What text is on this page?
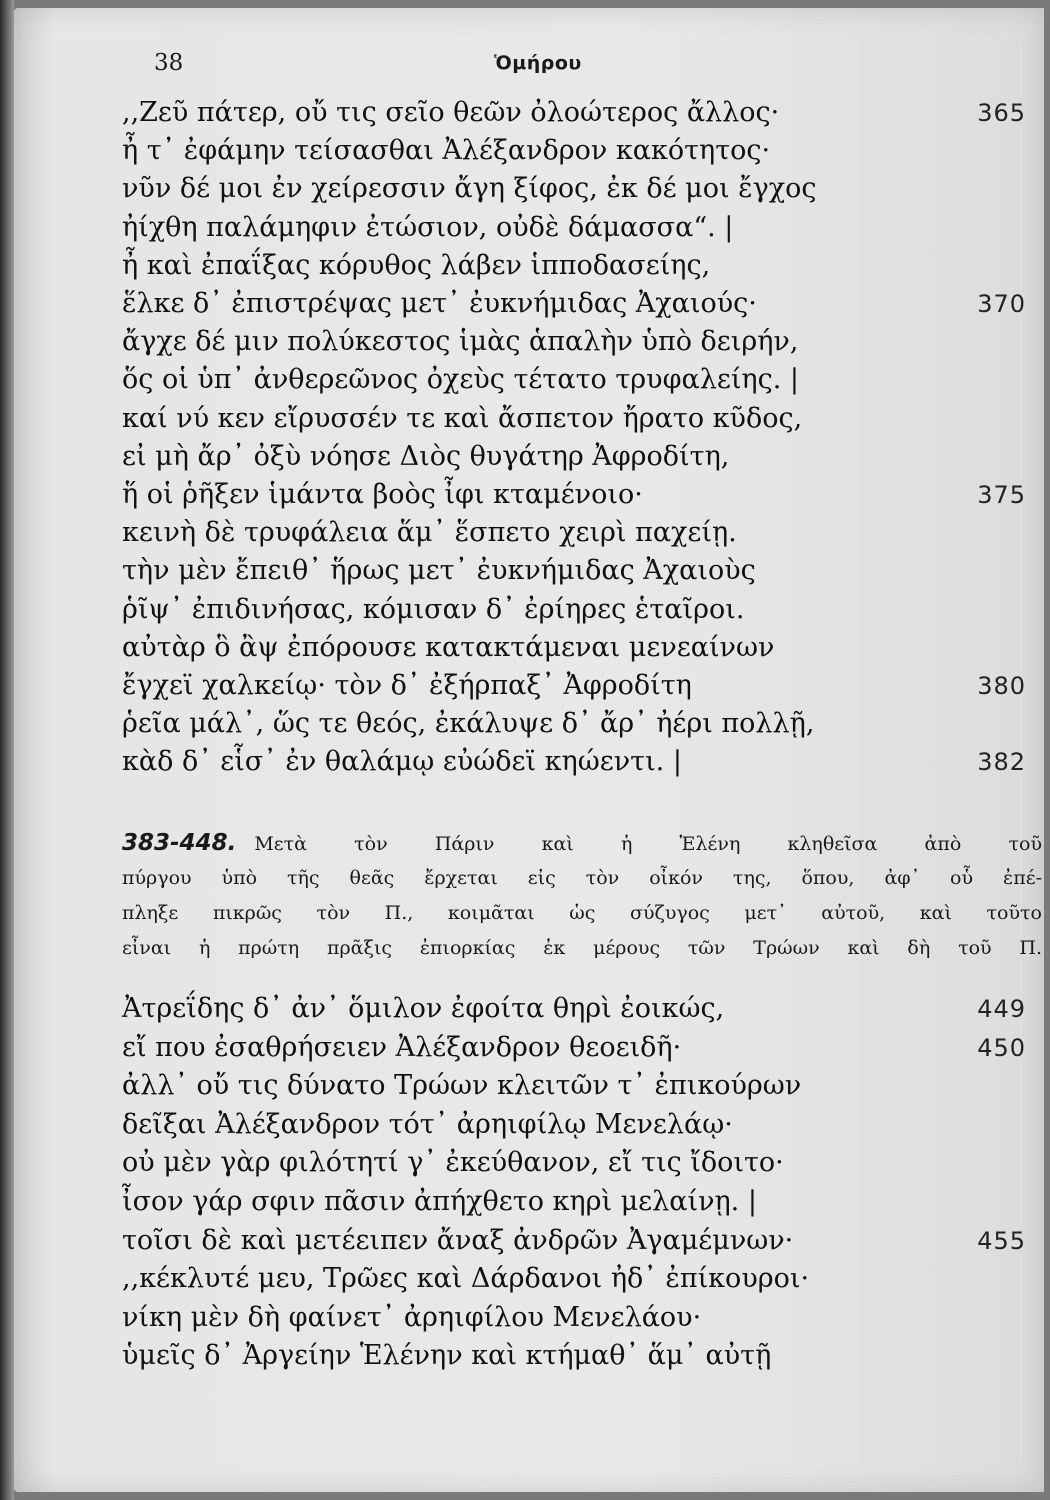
38	Ὁμήρου
,,Ζεῦ πάτερ, οὔ τις σεῖο θεῶν ὀλοώτερος ἄλλος·	365
ἦ τ᾿ ἐφάμην τείσασθαι Ἀλέξανδρον κακότητος·
νῦν δέ μοι ἐν χείρεσσιν ἄγη ξίφος, ἐκ δέ μοι ἔγχος
ἠίχθη παλάμηφιν ἐτώσιον, οὐδὲ δάμασσα“. |
ἦ καὶ ἐπαΐξας κόρυθος λάβεν ἱπποδασείης,
ἕλκε δ᾿ ἐπιστρέψας μετ᾿ ἐυκνήμιδας Ἀχαιούς·	370
ἄγχε δέ μιν πολύκεστος ἱμὰς ἁπαλὴν ὑπὸ δειρήν,
ὅς οἱ ὑπ᾿ ἀνθερεῶνος ὀχεὺς τέτατο τρυφαλείης. |
καί νύ κεν εἴρυσσέν τε καὶ ἄσπετον ἤρατο κῦδος,
εἰ μὴ ἄρ᾿ ὀξὺ νόησε Διὸς θυγάτηρ Ἀφροδίτη,
ἥ οἱ ῥῆξεν ἱμάντα βοὸς ἶφι κταμένοιο·	375
κεινὴ δὲ τρυφάλεια ἅμ᾿ ἕσπετο χειρὶ παχείῃ.
τὴν μὲν ἔπειθ᾿ ἥρως μετ᾿ ἐυκνήμιδας Ἀχαιοὺς
ῥῖψ᾿ ἐπιδινήσας, κόμισαν δ᾿ ἐρίηρες ἑταῖροι.
αὐτὰρ ὃ ἂψ ἐπόρουσε κατακτάμεναι μενεαίνων
ἔγχεϊ χαλκείῳ· τὸν δ᾿ ἐξήρπαξ᾿ Ἀφροδίτη	380
ῥεῖα μάλ᾿, ὥς τε θεός, ἐκάλυψε δ᾿ ἄρ᾿ ἠέρι πολλῇ,
κὰδ δ᾿ εἷσ᾿ ἐν θαλάμῳ εὐώδεϊ κηώεντι. |	382
383-448. Μετὰ τὸν Πάριν καὶ ἡ Ἑλένη κληθεῖσα ἀπὸ τοῦ
πύργου ὑπὸ τῆς θεᾶς ἔρχεται εἰς τὸν οἶκόν της, ὅπου, ἀφ᾿ οὗ ἐπέ-
πληξε πικρῶς τὸν Π., κοιμᾶται ὡς σύζυγος μετ᾿ αὐτοῦ, καὶ τοῦτο
εἶναι ἡ πρώτη πρᾶξις ἐπιορκίας ἐκ μέρους τῶν Τρώων καὶ δὴ τοῦ Π.
Ἀτρεΐδης δ᾿ ἀν᾿ ὅμιλον ἐφοίτα θηρὶ ἐοικώς,	449
εἴ που ἐσαθρήσειεν Ἀλέξανδρον θεοειδῆ·	450
ἀλλ᾿ οὔ τις δύνατο Τρώων κλειτῶν τ᾿ ἐπικούρων
δεῖξαι Ἀλέξανδρον τότ᾿ ἀρηιφίλῳ Μενελάῳ·
οὐ μὲν γὰρ φιλότητί γ᾿ ἐκεύθανον, εἴ τις ἴδοιτο·
ἶσον γάρ σφιν πᾶσιν ἀπήχθετο κηρὶ μελαίνῃ. |
τοῖσι δὲ καὶ μετέειπεν ἄναξ ἀνδρῶν Ἀγαμέμνων·	455
,,κέκλυτέ μευ, Τρῶες καὶ Δάρδανοι ἠδ᾿ ἐπίκουροι·
νίκη μὲν δὴ φαίνετ᾿ ἀρηιφίλου Μενελάου·
ὑμεῖς δ᾿ Ἀργείην Ἑλένην καὶ κτήμαθ᾿ ἅμ᾿ αὐτῇ
